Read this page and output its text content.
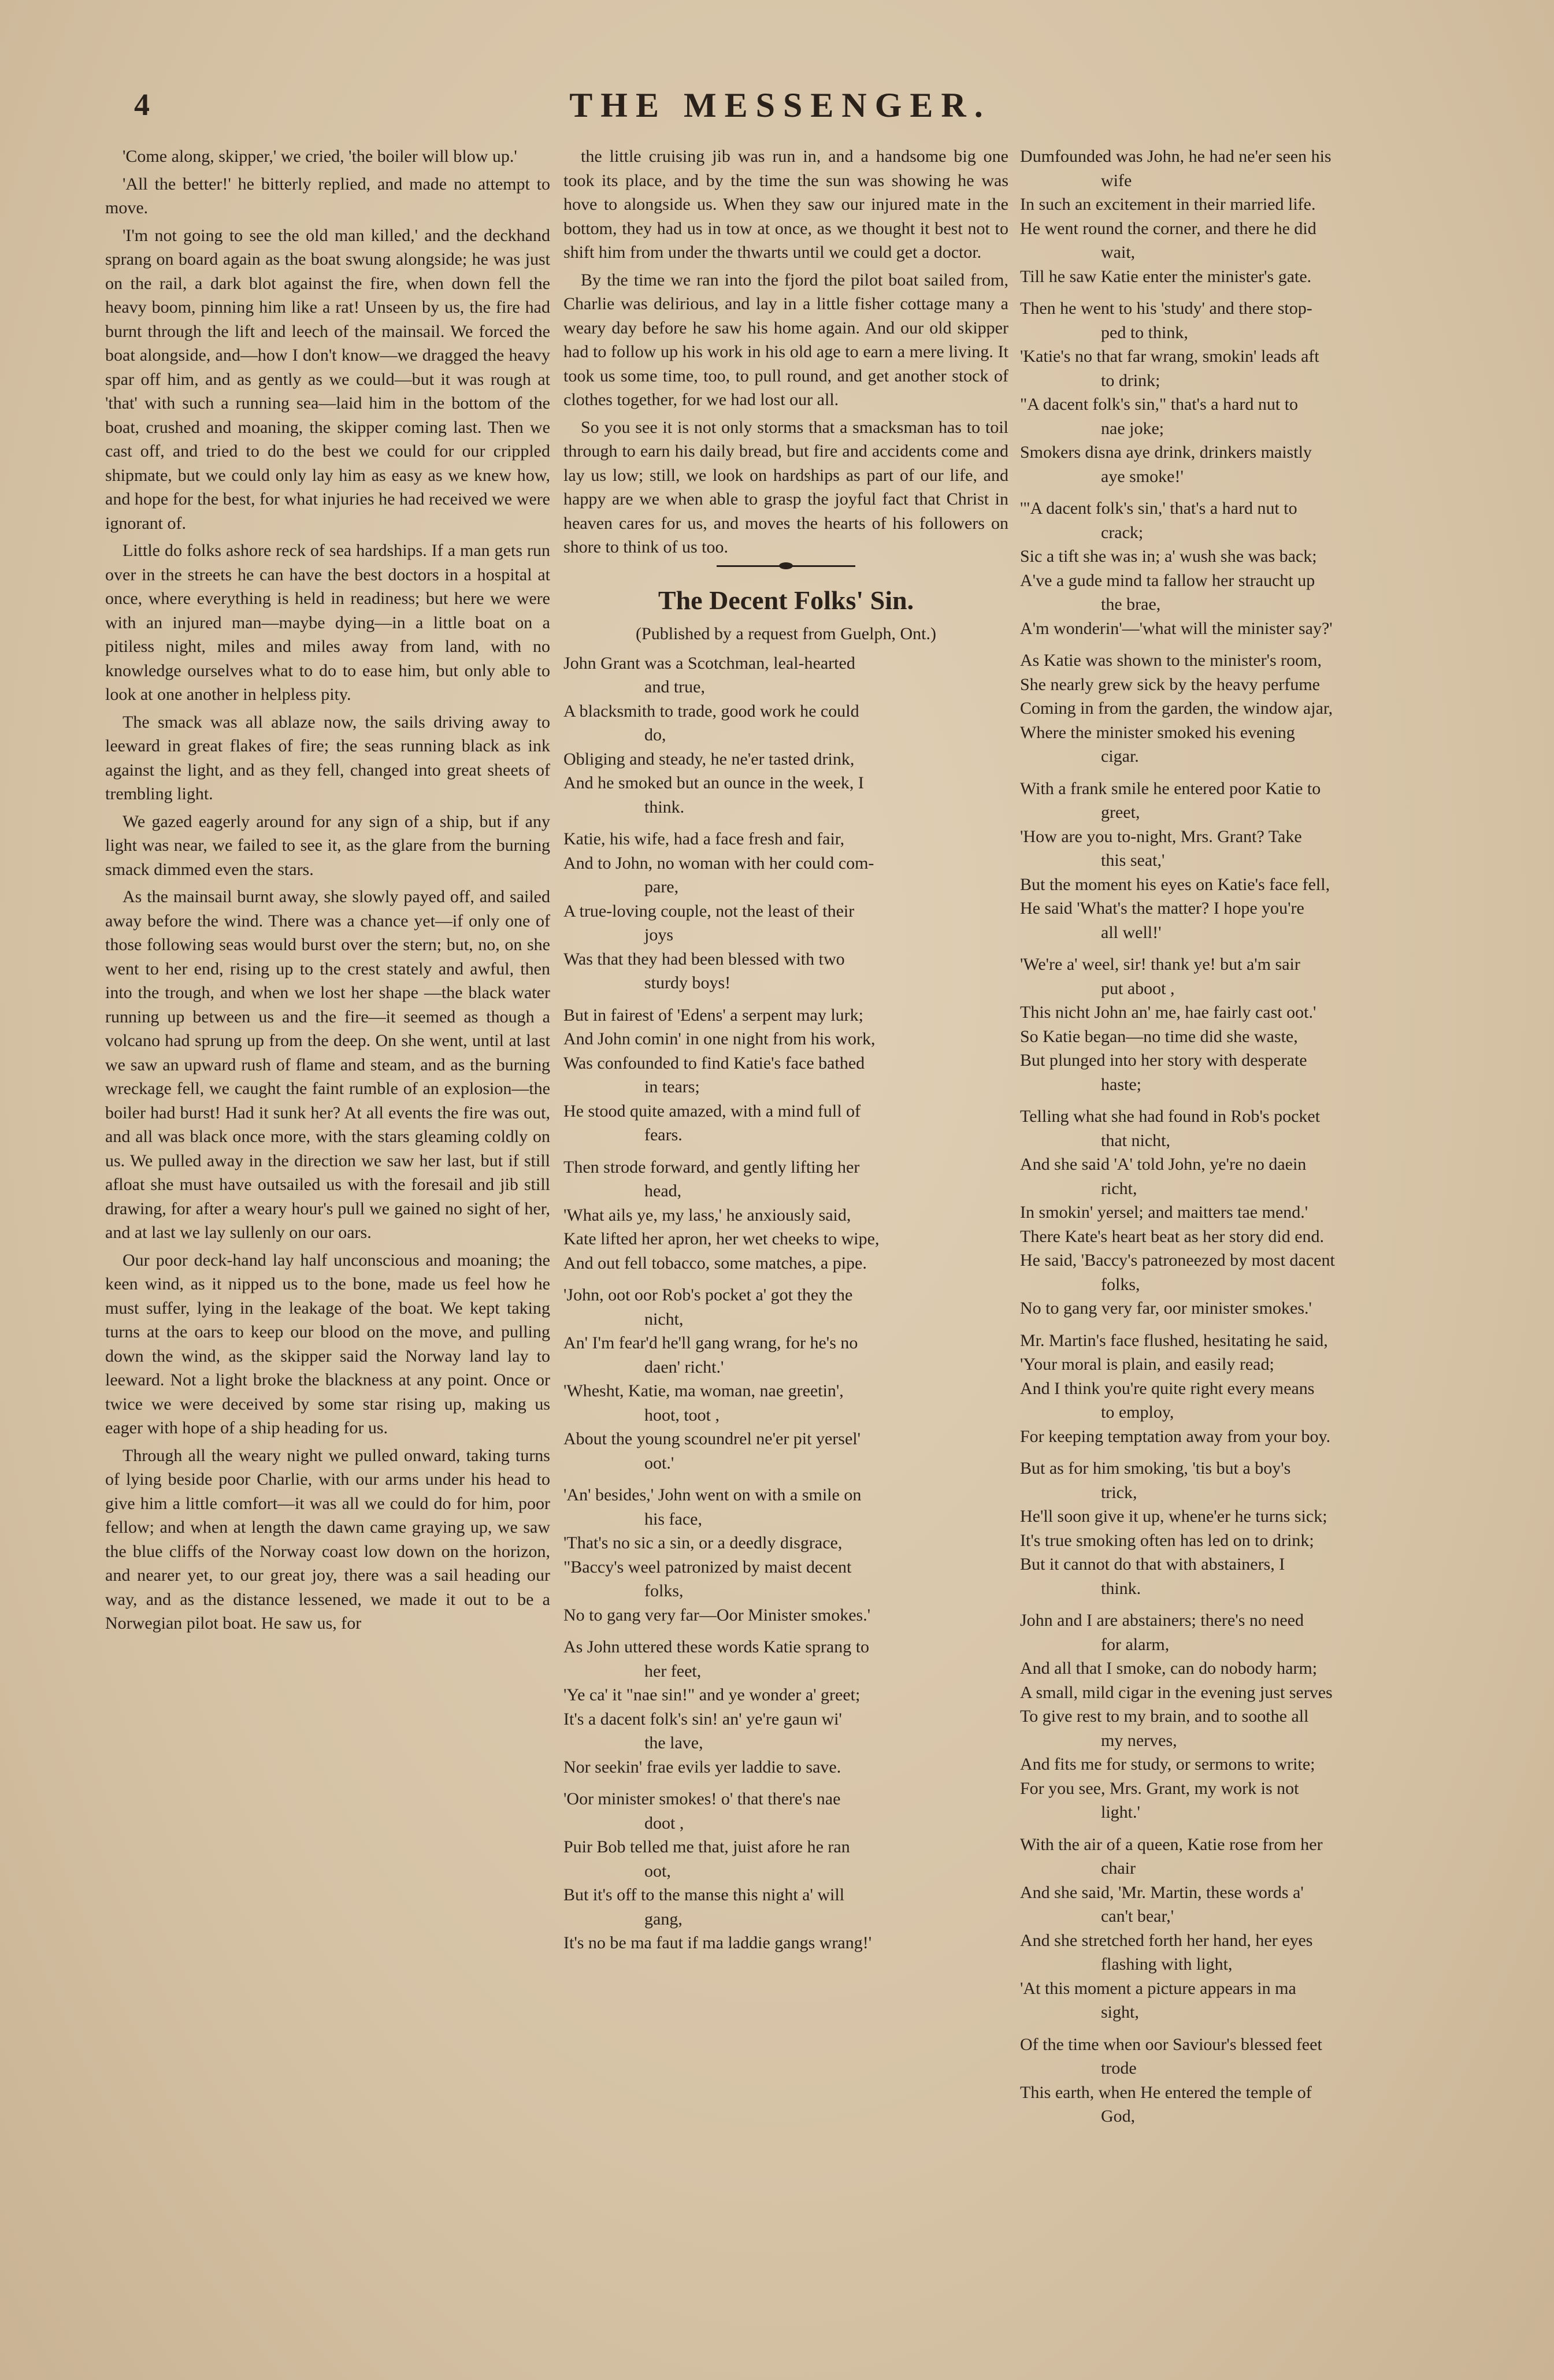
4	THE MESSENGER.

'Come along, skipper,' we cried, 'the boiler will blow up.'

'All the better!' he bitterly replied, and made no attempt to move.

'I'm not going to see the old man killed,' and the deckhand sprang on board again as the boat swung alongside; he was just on the rail, a dark blot against the fire, when down fell the heavy boom, pinning him like a rat! Unseen by us, the fire had burnt through the lift and leech of the mainsail. We forced the boat alongside, and—how I don't know—we dragged the heavy spar off him, and as gently as we could—but it was rough at 'that' with such a running sea—laid him in the bottom of the boat, crushed and moaning, the skipper coming last. Then we cast off, and tried to do the best we could for our crippled shipmate, but we could only lay him as easy as we knew how, and hope for the best, for what injuries he had received we were ignorant of.

Little do folks ashore reck of sea hardships. If a man gets run over in the streets he can have the best doctors in a hospital at once, where everything is held in readiness; but here we were with an injured man—maybe dying—in a little boat on a pitiless night, miles and miles away from land, with no knowledge ourselves what to do to ease him, but only able to look at one another in helpless pity.

The smack was all ablaze now, the sails driving away to leeward in great flakes of fire; the seas running black as ink against the light, and as they fell, changed into great sheets of trembling light.

We gazed eagerly around for any sign of a ship, but if any light was near, we failed to see it, as the glare from the burning smack dimmed even the stars.

As the mainsail burnt away, she slowly payed off, and sailed away before the wind. There was a chance yet—if only one of those following seas would burst over the stern; but, no, on she went to her end, rising up to the crest stately and awful, then into the trough, and when we lost her shape —the black water running up between us and the fire—it seemed as though a volcano had sprung up from the deep. On she went, until at last we saw an upward rush of flame and steam, and as the burning wreckage fell, we caught the faint rumble of an explosion—the boiler had burst! Had it sunk her? At all events the fire was out, and all was black once more, with the stars gleaming coldly on us. We pulled away in the direction we saw her last, but if still afloat she must have outsailed us with the foresail and jib still drawing, for after a weary hour's pull we gained no sight of her, and at last we lay sullenly on our oars.

Our poor deck-hand lay half unconscious and moaning; the keen wind, as it nipped us to the bone, made us feel how he must suffer, lying in the leakage of the boat. We kept taking turns at the oars to keep our blood on the move, and pulling down the wind, as the skipper said the Norway land lay to leeward. Not a light broke the blackness at any point. Once or twice we were deceived by some star rising up, making us eager with hope of a ship heading for us.

Through all the weary night we pulled onward, taking turns of lying beside poor Charlie, with our arms under his head to give him a little comfort—it was all we could do for him, poor fellow; and when at length the dawn came graying up, we saw the blue cliffs of the Norway coast low down on the horizon, and nearer yet, to our great joy, there was a sail heading our way, and as the distance lessened, we made it out to be a Norwegian pilot boat. He saw us, for

the little cruising jib was run in, and a handsome big one took its place, and by the time the sun was showing he was hove to alongside us. When they saw our injured mate in the bottom, they had us in tow at once, as we thought it best not to shift him from under the thwarts until we could get a doctor.

By the time we ran into the fjord the pilot boat sailed from, Charlie was delirious, and lay in a little fisher cottage many a weary day before he saw his home again. And our old skipper had to follow up his work in his old age to earn a mere living. It took us some time, too, to pull round, and get another stock of clothes together, for we had lost our all.

So you see it is not only storms that a smacksman has to toil through to earn his daily bread, but fire and accidents come and lay us low; still, we look on hardships as part of our life, and happy are we when able to grasp the joyful fact that Christ in heaven cares for us, and moves the hearts of his followers on shore to think of us too.

The Decent Folks' Sin.
(Published by a request from Guelph, Ont.)
John Grant was a Scotchman, leal-hearted
and true,
A blacksmith to trade, good work he could
do,
Obliging and steady, he ne'er tasted drink,
And he smoked but an ounce in the week, I
think.
Katie, his wife, had a face fresh and fair,
And to John, no woman with her could com-
pare,
A true-loving couple, not the least of their
joys
Was that they had been blessed with two
sturdy boys!
But in fairest of 'Edens' a serpent may lurk;
And John comin' in one night from his work,
Was confounded to find Katie's face bathed
in tears;
He stood quite amazed, with a mind full of
fears.
Then strode forward, and gently lifting her
head,
'What ails ye, my lass,' he anxiously said,
Kate lifted her apron, her wet cheeks to wipe,
And out fell tobacco, some matches, a pipe.
'John, oot oor Rob's pocket a' got they the
nicht,
An' I'm fear'd he'll gang wrang, for he's no
daen' richt.'
'Whesht, Katie, ma woman, nae greetin',
hoot, toot ,
About the young scoundrel ne'er pit yersel'
oot.'
'An' besides,' John went on with a smile on
his face,
'That's no sic a sin, or a deedly disgrace,
"Baccy's weel patronized by maist decent
folks,
No to gang very far—Oor Minister smokes.'
As John uttered these words Katie sprang to
her feet,
'Ye ca' it "nae sin!" and ye wonder a' greet;
It's a dacent folk's sin! an' ye're gaun wi'
the lave,
Nor seekin' frae evils yer laddie to save.
'Oor minister smokes! o' that there's nae
doot ,
Puir Bob telled me that, juist afore he ran
oot,
But it's off to the manse this night a' will
gang,
It's no be ma faut if ma laddie gangs wrang!'
Dumfounded was John, he had ne'er seen his
wife
In such an excitement in their married life.
He went round the corner, and there he did
wait,
Till he saw Katie enter the minister's gate.
Then he went to his 'study' and there stop-
ped to think,
'Katie's no that far wrang, smokin' leads aft
to drink;
"A dacent folk's sin," that's a hard nut to
nae joke;
Smokers disna aye drink, drinkers maistly
aye smoke!'
'"A dacent folk's sin,' that's a hard nut to
crack;
Sic a tift she was in; a' wush she was back;
A've a gude mind ta fallow her straucht up
the brae,
A'm wonderin'—'what will the minister say?'
As Katie was shown to the minister's room,
She nearly grew sick by the heavy perfume
Coming in from the garden, the window ajar,
Where the minister smoked his evening
cigar.
With a frank smile he entered poor Katie to
greet,
'How are you to-night, Mrs. Grant? Take
this seat,'
But the moment his eyes on Katie's face fell,
He said 'What's the matter? I hope you're
all well!'
'We're a' weel, sir! thank ye! but a'm sair
put aboot ,
This nicht John an' me, hae fairly cast oot.'
So Katie began—no time did she waste,
But plunged into her story with desperate
haste;
Telling what she had found in Rob's pocket
that nicht,
And she said 'A' told John, ye're no daein
richt,
In smokin' yersel; and maitters tae mend.'
There Kate's heart beat as her story did end.
He said, 'Baccy's patroneezed by most dacent
folks,
No to gang very far, oor minister smokes.'
Mr. Martin's face flushed, hesitating he said,
'Your moral is plain, and easily read;
And I think you're quite right every means
to employ,
For keeping temptation away from your boy.
But as for him smoking, 'tis but a boy's
trick,
He'll soon give it up, whene'er he turns sick;
It's true smoking often has led on to drink;
But it cannot do that with abstainers, I
think.
John and I are abstainers; there's no need
for alarm,
And all that I smoke, can do nobody harm;
A small, mild cigar in the evening just serves
To give rest to my brain, and to soothe all
my nerves,
And fits me for study, or sermons to write;
For you see, Mrs. Grant, my work is not
light.'
With the air of a queen, Katie rose from her
chair
And she said, 'Mr. Martin, these words a'
can't bear,'
And she stretched forth her hand, her eyes
flashing with light,
'At this moment a picture appears in ma
sight,
Of the time when oor Saviour's blessed feet
trode
This earth, when He entered the temple of
God,
